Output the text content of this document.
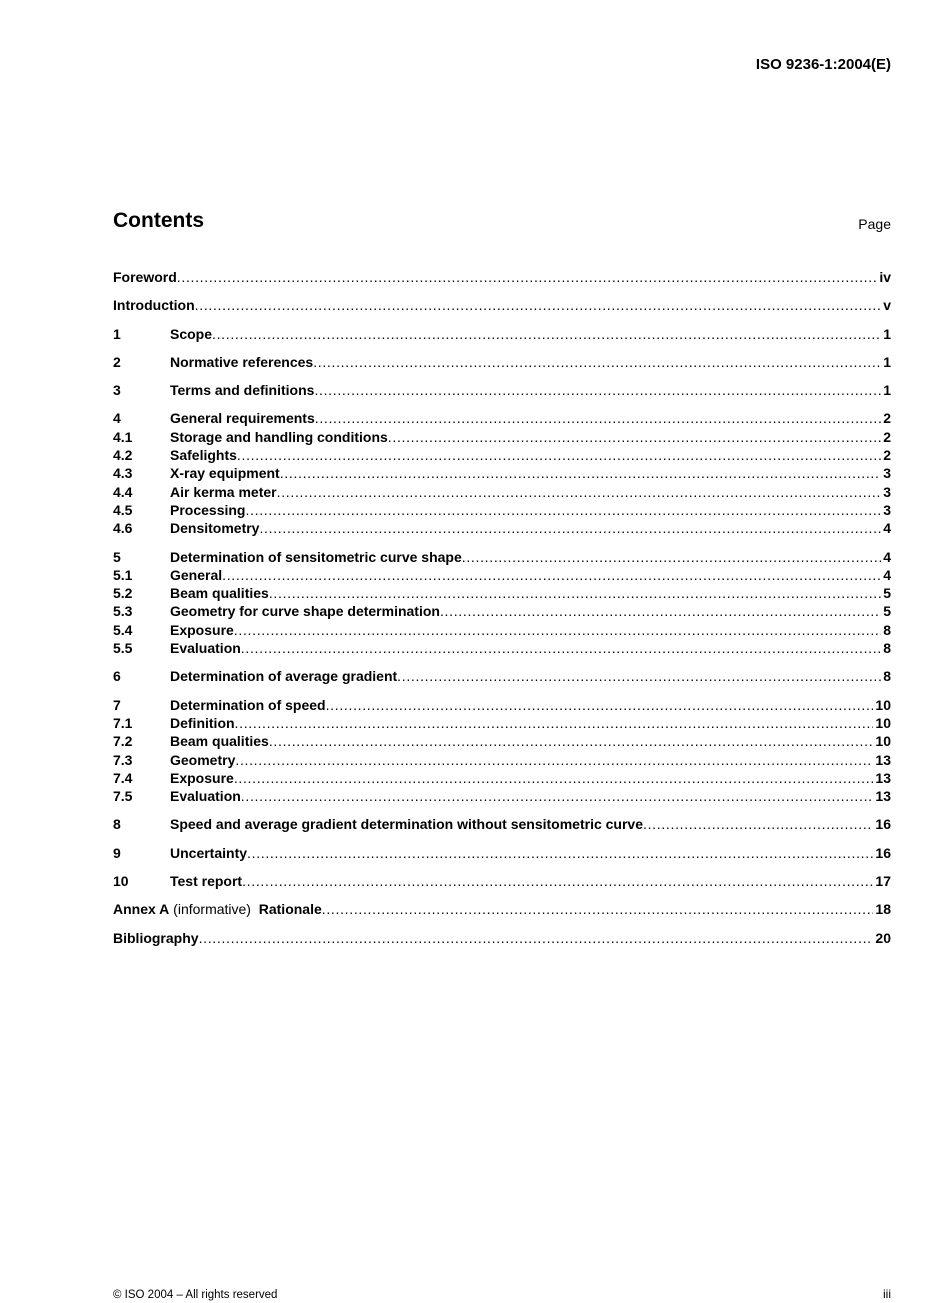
ISO 9236-1:2004(E)
Contents	Page
Foreword . . .	iv
Introduction . . .	v
1	Scope . . .	1
2	Normative references . . .	1
3	Terms and definitions . . .	1
4	General requirements . . .	2
4.1	Storage and handling conditions . . .	2
4.2	Safelights . . .	2
4.3	X-ray equipment . . .	3
4.4	Air kerma meter . . .	3
4.5	Processing . . .	3
4.6	Densitometry . . .	4
5	Determination of sensitometric curve shape . . .	4
5.1	General . . .	4
5.2	Beam qualities . . .	5
5.3	Geometry for curve shape determination . . .	5
5.4	Exposure . . .	8
5.5	Evaluation . . .	8
6	Determination of average gradient . . .	8
7	Determination of speed . . .	10
7.1	Definition . . .	10
7.2	Beam qualities . . .	10
7.3	Geometry . . .	13
7.4	Exposure . . .	13
7.5	Evaluation . . .	13
8	Speed and average gradient determination without sensitometric curve . . .	16
9	Uncertainty . . .	16
10	Test report . . .	17
Annex A (informative)  Rationale . . .	18
Bibliography . . .	20
© ISO 2004 – All rights reserved	iii
